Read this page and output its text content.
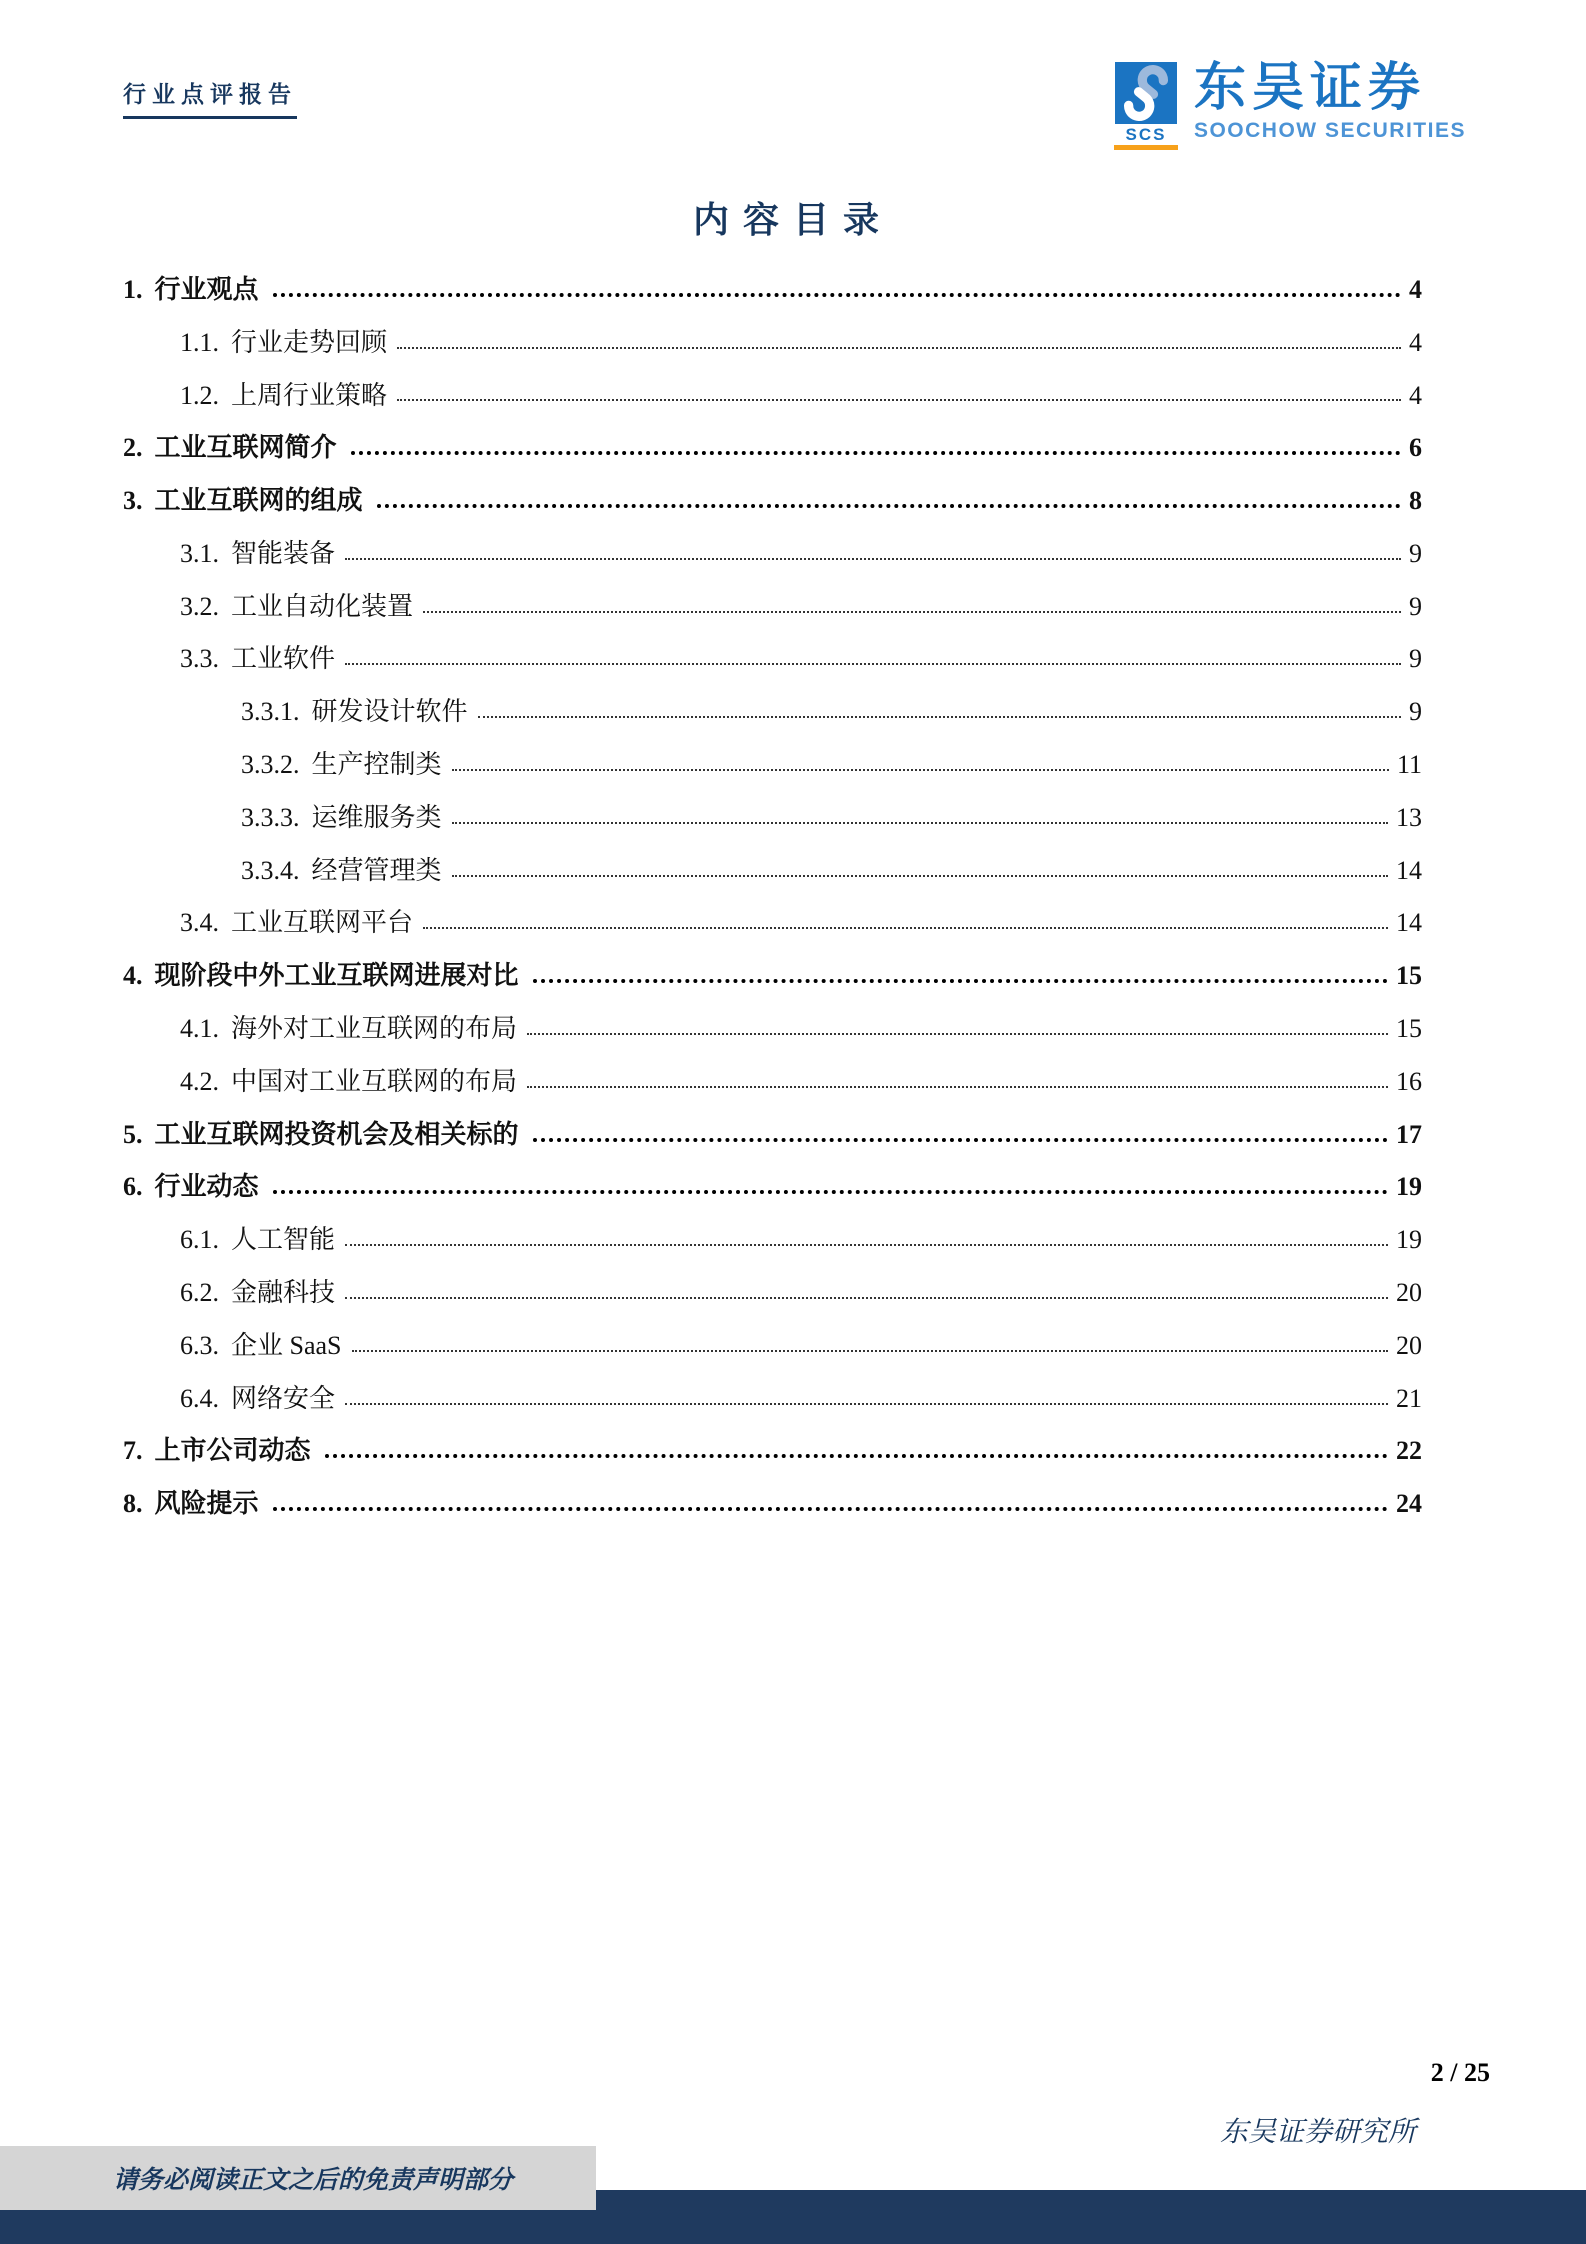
行业点评报告
SCS
东吴证券
SOOCHOW SECURITIES
内容目录
1. 行业观点	4
1.1. 行业走势回顾	4
1.2. 上周行业策略	4
2. 工业互联网简介	6
3. 工业互联网的组成	8
3.1. 智能装备	9
3.2. 工业自动化装置	9
3.3. 工业软件	9
3.3.1. 研发设计软件	9
3.3.2. 生产控制类	11
3.3.3. 运维服务类	13
3.3.4. 经营管理类	14
3.4. 工业互联网平台	14
4. 现阶段中外工业互联网进展对比	15
4.1. 海外对工业互联网的布局	15
4.2. 中国对工业互联网的布局	16
5. 工业互联网投资机会及相关标的	17
6. 行业动态	19
6.1. 人工智能	19
6.2. 金融科技	20
6.3. 企业 SaaS	20
6.4. 网络安全	21
7. 上市公司动态	22
8. 风险提示	24
2 / 25
东吴证券研究所
请务必阅读正文之后的免责声明部分
